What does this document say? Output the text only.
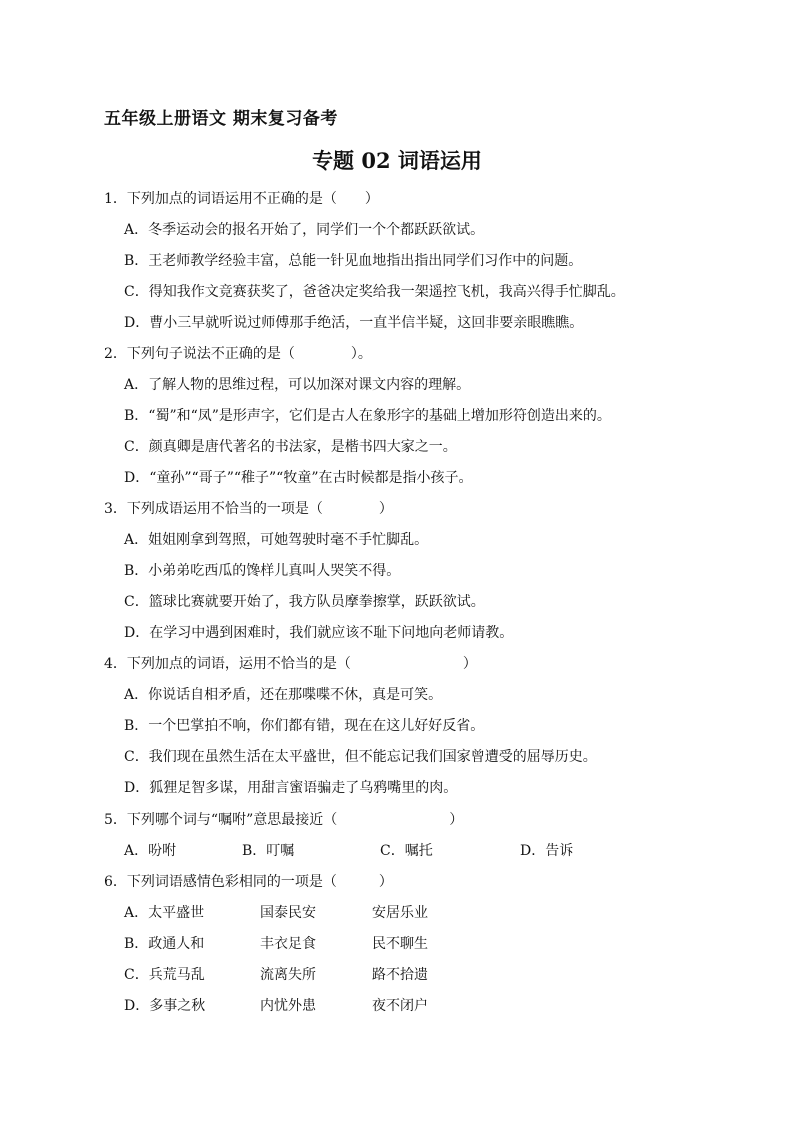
五年级上册语文 期末复习备考
专题 02 词语运用
1．下列加点的词语运用不正确的是（　　）
A．冬季运动会的报名开始了，同学们一个个都跃跃欲试。
B．王老师教学经验丰富，总能一针见血地指出指出同学们习作中的问题。
C．得知我作文竞赛获奖了，爸爸决定奖给我一架遥控飞机，我高兴得手忙脚乱。
D．曹小三早就听说过师傅那手绝活，一直半信半疑，这回非要亲眼瞧瞧。
2．下列句子说法不正确的是（　　　　）。
A．了解人物的思维过程，可以加深对课文内容的理解。
B．“蜀”和“凤”是形声字，它们是古人在象形字的基础上增加形符创造出来的。
C．颜真卿是唐代著名的书法家，是楷书四大家之一。
D．“童孙”“哥子”“稚子”“牧童”在古时候都是指小孩子。
3．下列成语运用不恰当的一项是（　　　　）
A．姐姐刚拿到驾照，可她驾驶时毫不手忙脚乱。
B．小弟弟吃西瓜的馋样儿真叫人哭笑不得。
C．篮球比赛就要开始了，我方队员摩拳擦掌，跃跃欲试。
D．在学习中遇到困难时，我们就应该不耻下问地向老师请教。
4．下列加点的词语，运用不恰当的是（　　　　　　　　）
A．你说话自相矛盾，还在那喋喋不休，真是可笑。
B．一个巴掌拍不响，你们都有错，现在在这儿好好反省。
C．我们现在虽然生活在太平盛世，但不能忘记我们国家曾遭受的屈辱历史。
D．狐狸足智多谋，用甜言蜜语骗走了乌鸦嘴里的肉。
5．下列哪个词与“嘱咐”意思最接近（　　　　　　　　）
A．吩咐	B．叮嘱	C．嘱托	D．告诉
6．下列词语感情色彩相同的一项是（　　　）
A．太平盛世	国泰民安	安居乐业
B．政通人和	丰衣足食	民不聊生
C．兵荒马乱	流离失所	路不拾遗
D．多事之秋	内忧外患	夜不闭户
